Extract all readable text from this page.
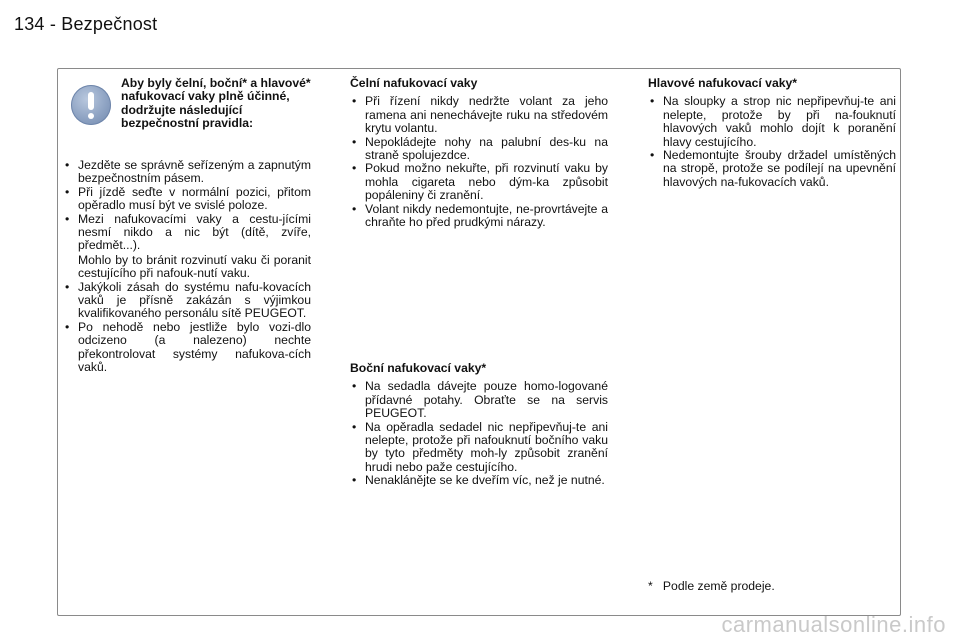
134 - Bezpečnost
Aby byly čelní, boční* a hlavové* nafukovací vaky plně účinné, dodržujte následující bezpečnostní pravidla:
• Jezděte se správně seřízeným a zapnutým bezpečnostním pásem.
• Při jízdě seďte v normální pozici, přitom opěradlo musí být ve svislé poloze.
• Mezi nafukovacími vaky a cestu-jícími nesmí nikdo a nic být (dítě, zvíře, předmět...).
Mohlo by to bránit rozvinutí vaku či poranit cestujícího při nafouk-nutí vaku.
• Jakýkoli zásah do systému nafu-kovacích vaků je přísně zakázán s výjimkou kvalifikovaného personálu sítě PEUGEOT.
• Po nehodě nebo jestliže bylo vozi-dlo odcizeno (a nalezeno) nechte překontrolovat systémy nafukova-cích vaků.
Čelní nafukovací vaky
• Při řízení nikdy nedržte volant za jeho ramena ani nenechávejte ruku na středovém krytu volantu.
• Nepokládejte nohy na palubní des-ku na straně spolujezdce.
• Pokud možno nekuřte, při rozvinutí vaku by mohla cigareta nebo dým-ka způsobit popáleniny či zranění.
• Volant nikdy nedemontujte, ne-provrtávejte a chraňte ho před prudkými nárazy.
Boční nafukovací vaky*
• Na sedadla dávejte pouze homo-logované přídavné potahy. Obraťte se na servis PEUGEOT.
• Na opěradla sedadel nic nepřipevňuj-te ani nelepte, protože při nafouknutí bočního vaku by tyto předměty moh-ly způsobit zranění hrudi nebo paže cestujícího.
• Nenaklánějte se ke dveřím víc, než je nutné.
Hlavové nafukovací vaky*
• Na sloupky a strop nic nepřipevňuj-te ani nelepte, protože by při na-fouknutí hlavových vaků mohlo dojít k poranění hlavy cestujícího.
• Nedemontujte šrouby držadel umístěných na stropě, protože se podílejí na upevnění hlavových na-fukovacích vaků.
* Podle země prodeje.
carmanualsonline.info
